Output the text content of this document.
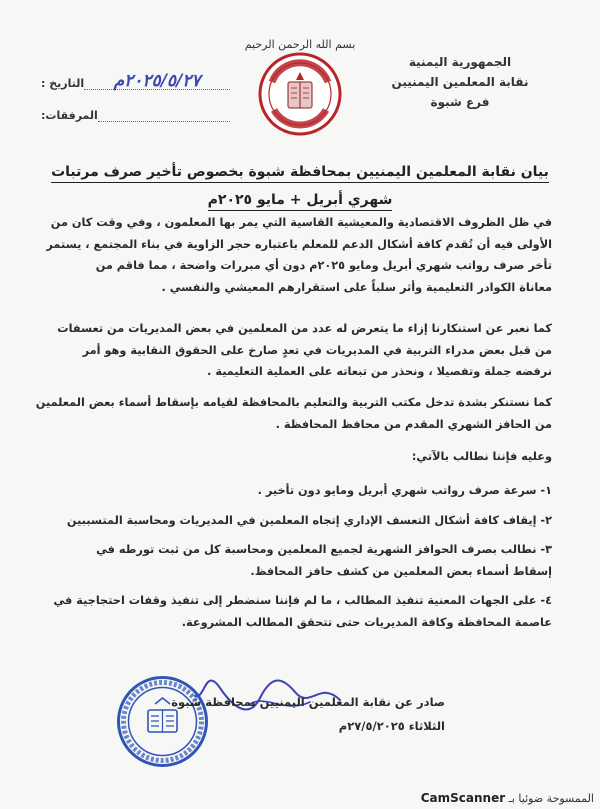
بسم الله الرحمن الرحيم
الجمهورية اليمنية
نقابة المعلمين اليمنيين
فرع شبوة
التاريخ :	٢٠٢٥/٥/٢٧م
المرفقات:
بيان نقابة المعلمين اليمنيين بمحافظة شبوة بخصوص تأخير صرف مرتبات
شهري أبريل + مايو ٢٠٢٥م
في ظل الظروف الاقتصادية والمعيشية القاسية التي يمر بها المعلمون ، وفي وقت كان من
الأولى فيه أن تُقدم كافة أشكال الدعم للمعلم باعتباره حجر الزاوية في بناء المجتمع ، يستمر
تأخر صرف رواتب شهري أبريل ومايو ٢٠٢٥م دون أي مبررات واضحة ، مما فاقم من
معاناة الكوادر التعليمية وأثر سلباً على استقرارهم المعيشي والنفسي .
كما نعبر عن استنكارنا إزاء ما يتعرض له عدد من المعلمين في بعض المديريات من تعسفات
من قبل بعض مدراء التربية في المديريات في تعدٍ صارخ على الحقوق النقابية وهو أمر
نرفضه جملة وتفصيلا ، ونحذر من تبعاته على العملية التعليمية .
كما نستنكر بشدة تدخل مكتب التربية والتعليم بالمحافظة لقيامه بإسقاط أسماء بعض المعلمين
من الحافز الشهري المقدم من محافظ المحافظة .
وعليه فإننا نطالب بالآتي:
١- سرعة صرف رواتب شهري أبريل ومايو دون تأخير .
٢- إيقاف كافة أشكال التعسف الإداري إتجاه المعلمين في المديريات ومحاسبة المتسببين
٣- نطالب بصرف الحوافز الشهرية لجميع المعلمين ومحاسبة كل من ثبت تورطه في
إسقاط أسماء بعض المعلمين من كشف حافز المحافظ.
٤- على الجهات المعنية تنفيذ المطالب ، ما لم فإننا سنضطر إلى تنفيذ وقفات احتجاجية في
عاصمة المحافظة وكافة المديريات حتى تتحقق المطالب المشروعة.
صادر عن نقابة المعلمين اليمنيين بمحافظة شبوة
الثلاثاء ٢٧/٥/٢٠٢٥م
CamScanner الممسوحة ضوئيا بـ
